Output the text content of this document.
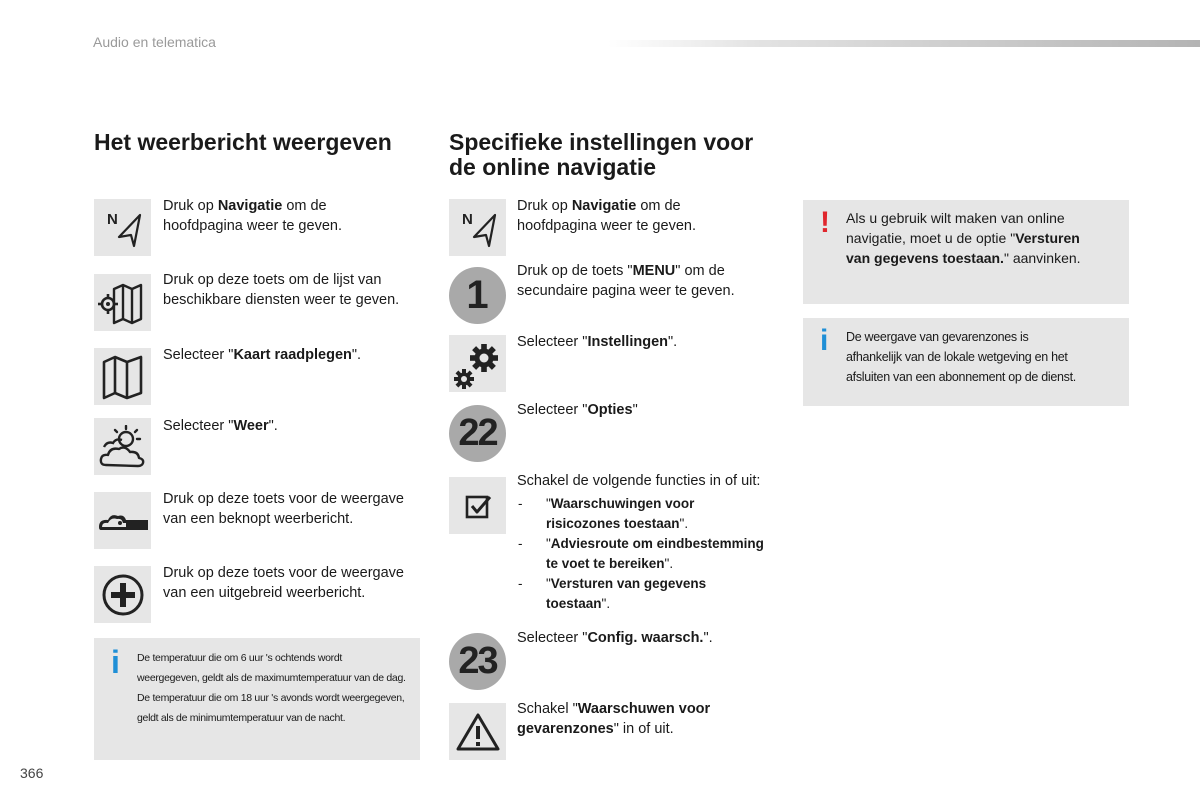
Audio en telematica
Het weerbericht weergeven
N
Druk op Navigatie om de hoofdpagina weer te geven.
Druk op deze toets om de lijst van beschikbare diensten weer te geven.
Selecteer "Kaart raadplegen".
Selecteer "Weer".
Druk op deze toets voor de weergave van een beknopt weerbericht.
Druk op deze toets voor de weergave van een uitgebreid weerbericht.
i De temperatuur die om 6 uur 's ochtends wordt
weergegeven, geldt als de maximumtemperatuur van de dag.
De temperatuur die om 18 uur 's avonds wordt weergegeven,
geldt als de minimumtemperatuur van de nacht.
Specifieke instellingen voor
de online navigatie
N
Druk op Navigatie om de hoofdpagina weer te geven.
1
Druk op de toets "MENU" om de secundaire pagina weer te geven.
Selecteer "Instellingen".
22
Selecteer "Opties"
Schakel de volgende functies in of uit:
- "Waarschuwingen voor
risicozones toestaan".
- "Adviesroute om eindbestemming
te voet te bereiken".
- "Versturen van gegevens
toestaan".
23
Selecteer "Config. waarsch.".
Schakel "Waarschuwen voor gevarenzones" in of uit.
! Als u gebruik wilt maken van online
navigatie, moet u de optie "Versturen
van gegevens toestaan." aanvinken.
i De weergave van gevarenzones is
afhankelijk van de lokale wetgeving en het
afsluiten van een abonnement op de dienst.
366
